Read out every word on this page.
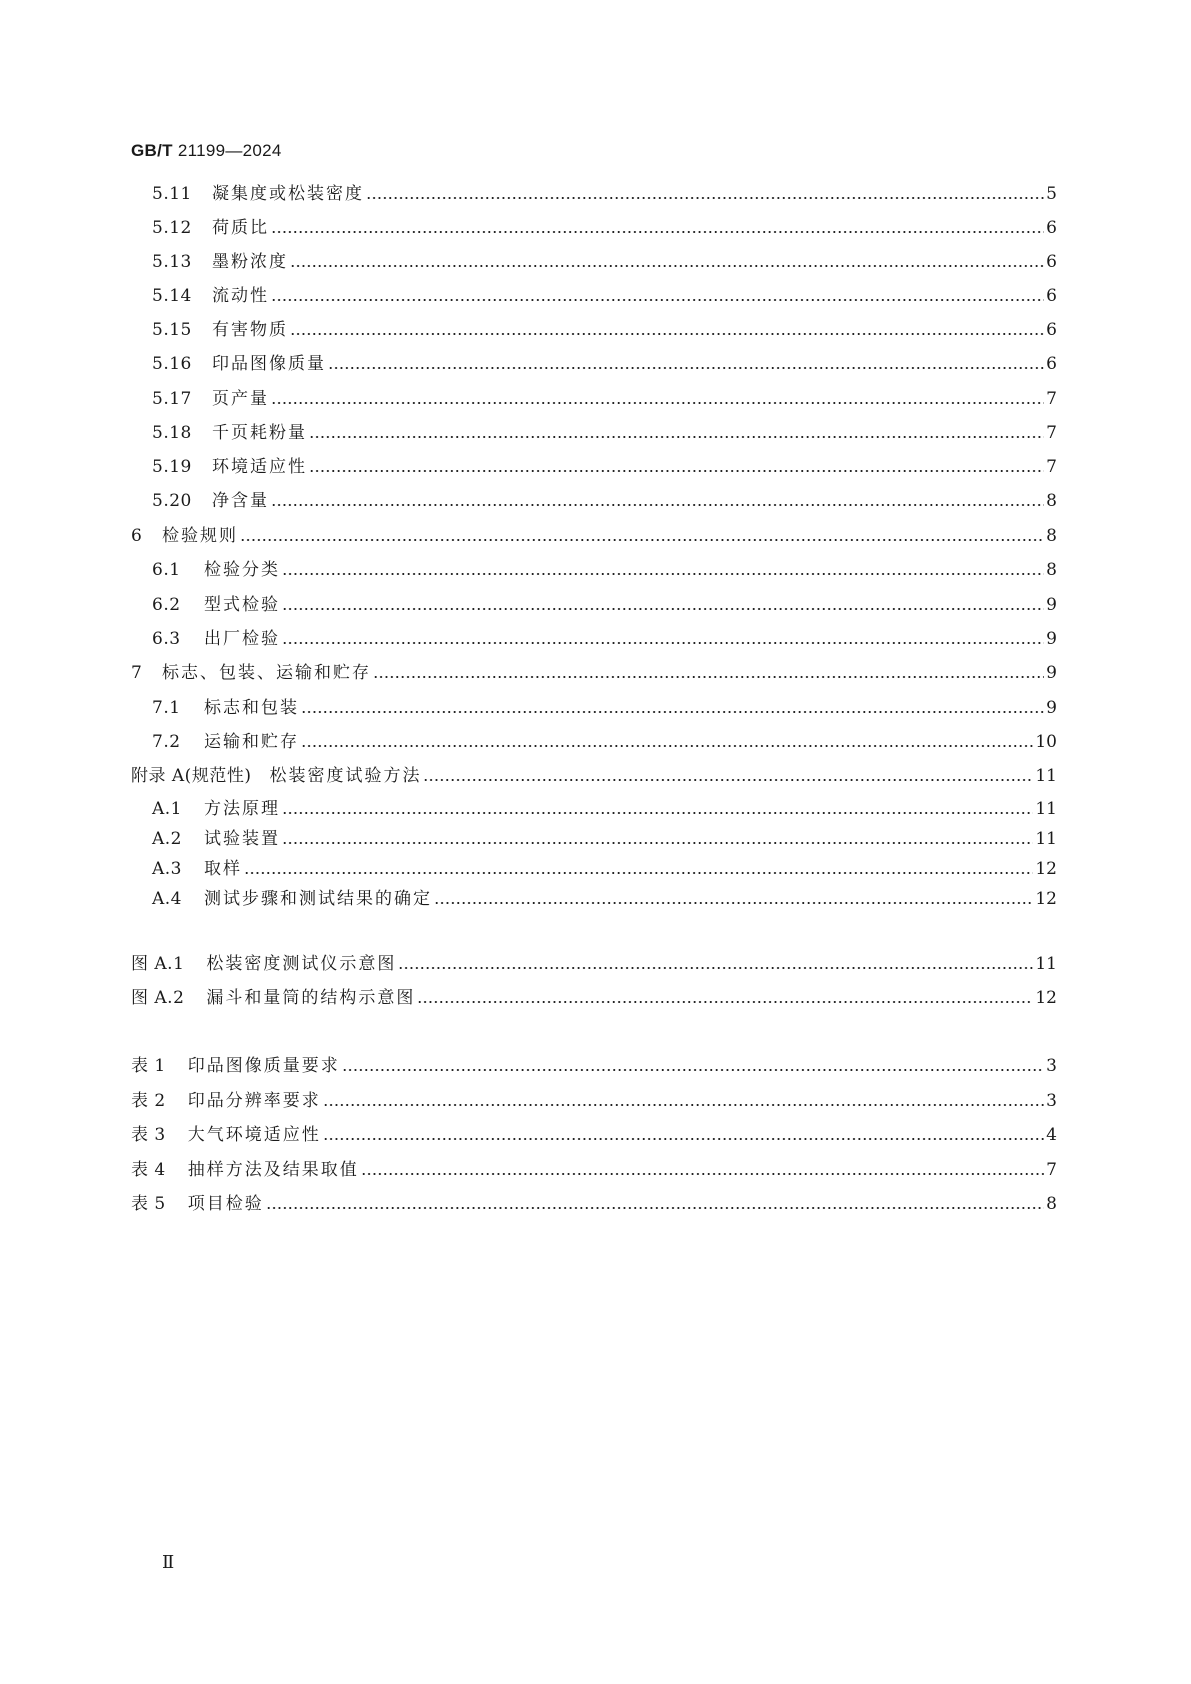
GB/T 21199—2024
5.11	凝集度或松装密度	5
5.12	荷质比	6
5.13	墨粉浓度	6
5.14	流动性	6
5.15	有害物质	6
5.16	印品图像质量	6
5.17	页产量	7
5.18	千页耗粉量	7
5.19	环境适应性	7
5.20	净含量	8
6	检验规则	8
6.1	检验分类	8
6.2	型式检验	9
6.3	出厂检验	9
7	标志、包装、运输和贮存	9
7.1	标志和包装	9
7.2	运输和贮存	10
附录 A(规范性) 松装密度试验方法	11
A.1	方法原理	11
A.2	试验装置	11
A.3	取样	12
A.4	测试步骤和测试结果的确定	12
图 A.1 松装密度测试仪示意图	11
图 A.2 漏斗和量筒的结构示意图	12
表 1 印品图像质量要求	3
表 2 印品分辨率要求	3
表 3 大气环境适应性	4
表 4 抽样方法及结果取值	7
表 5 项目检验	8
Ⅱ
